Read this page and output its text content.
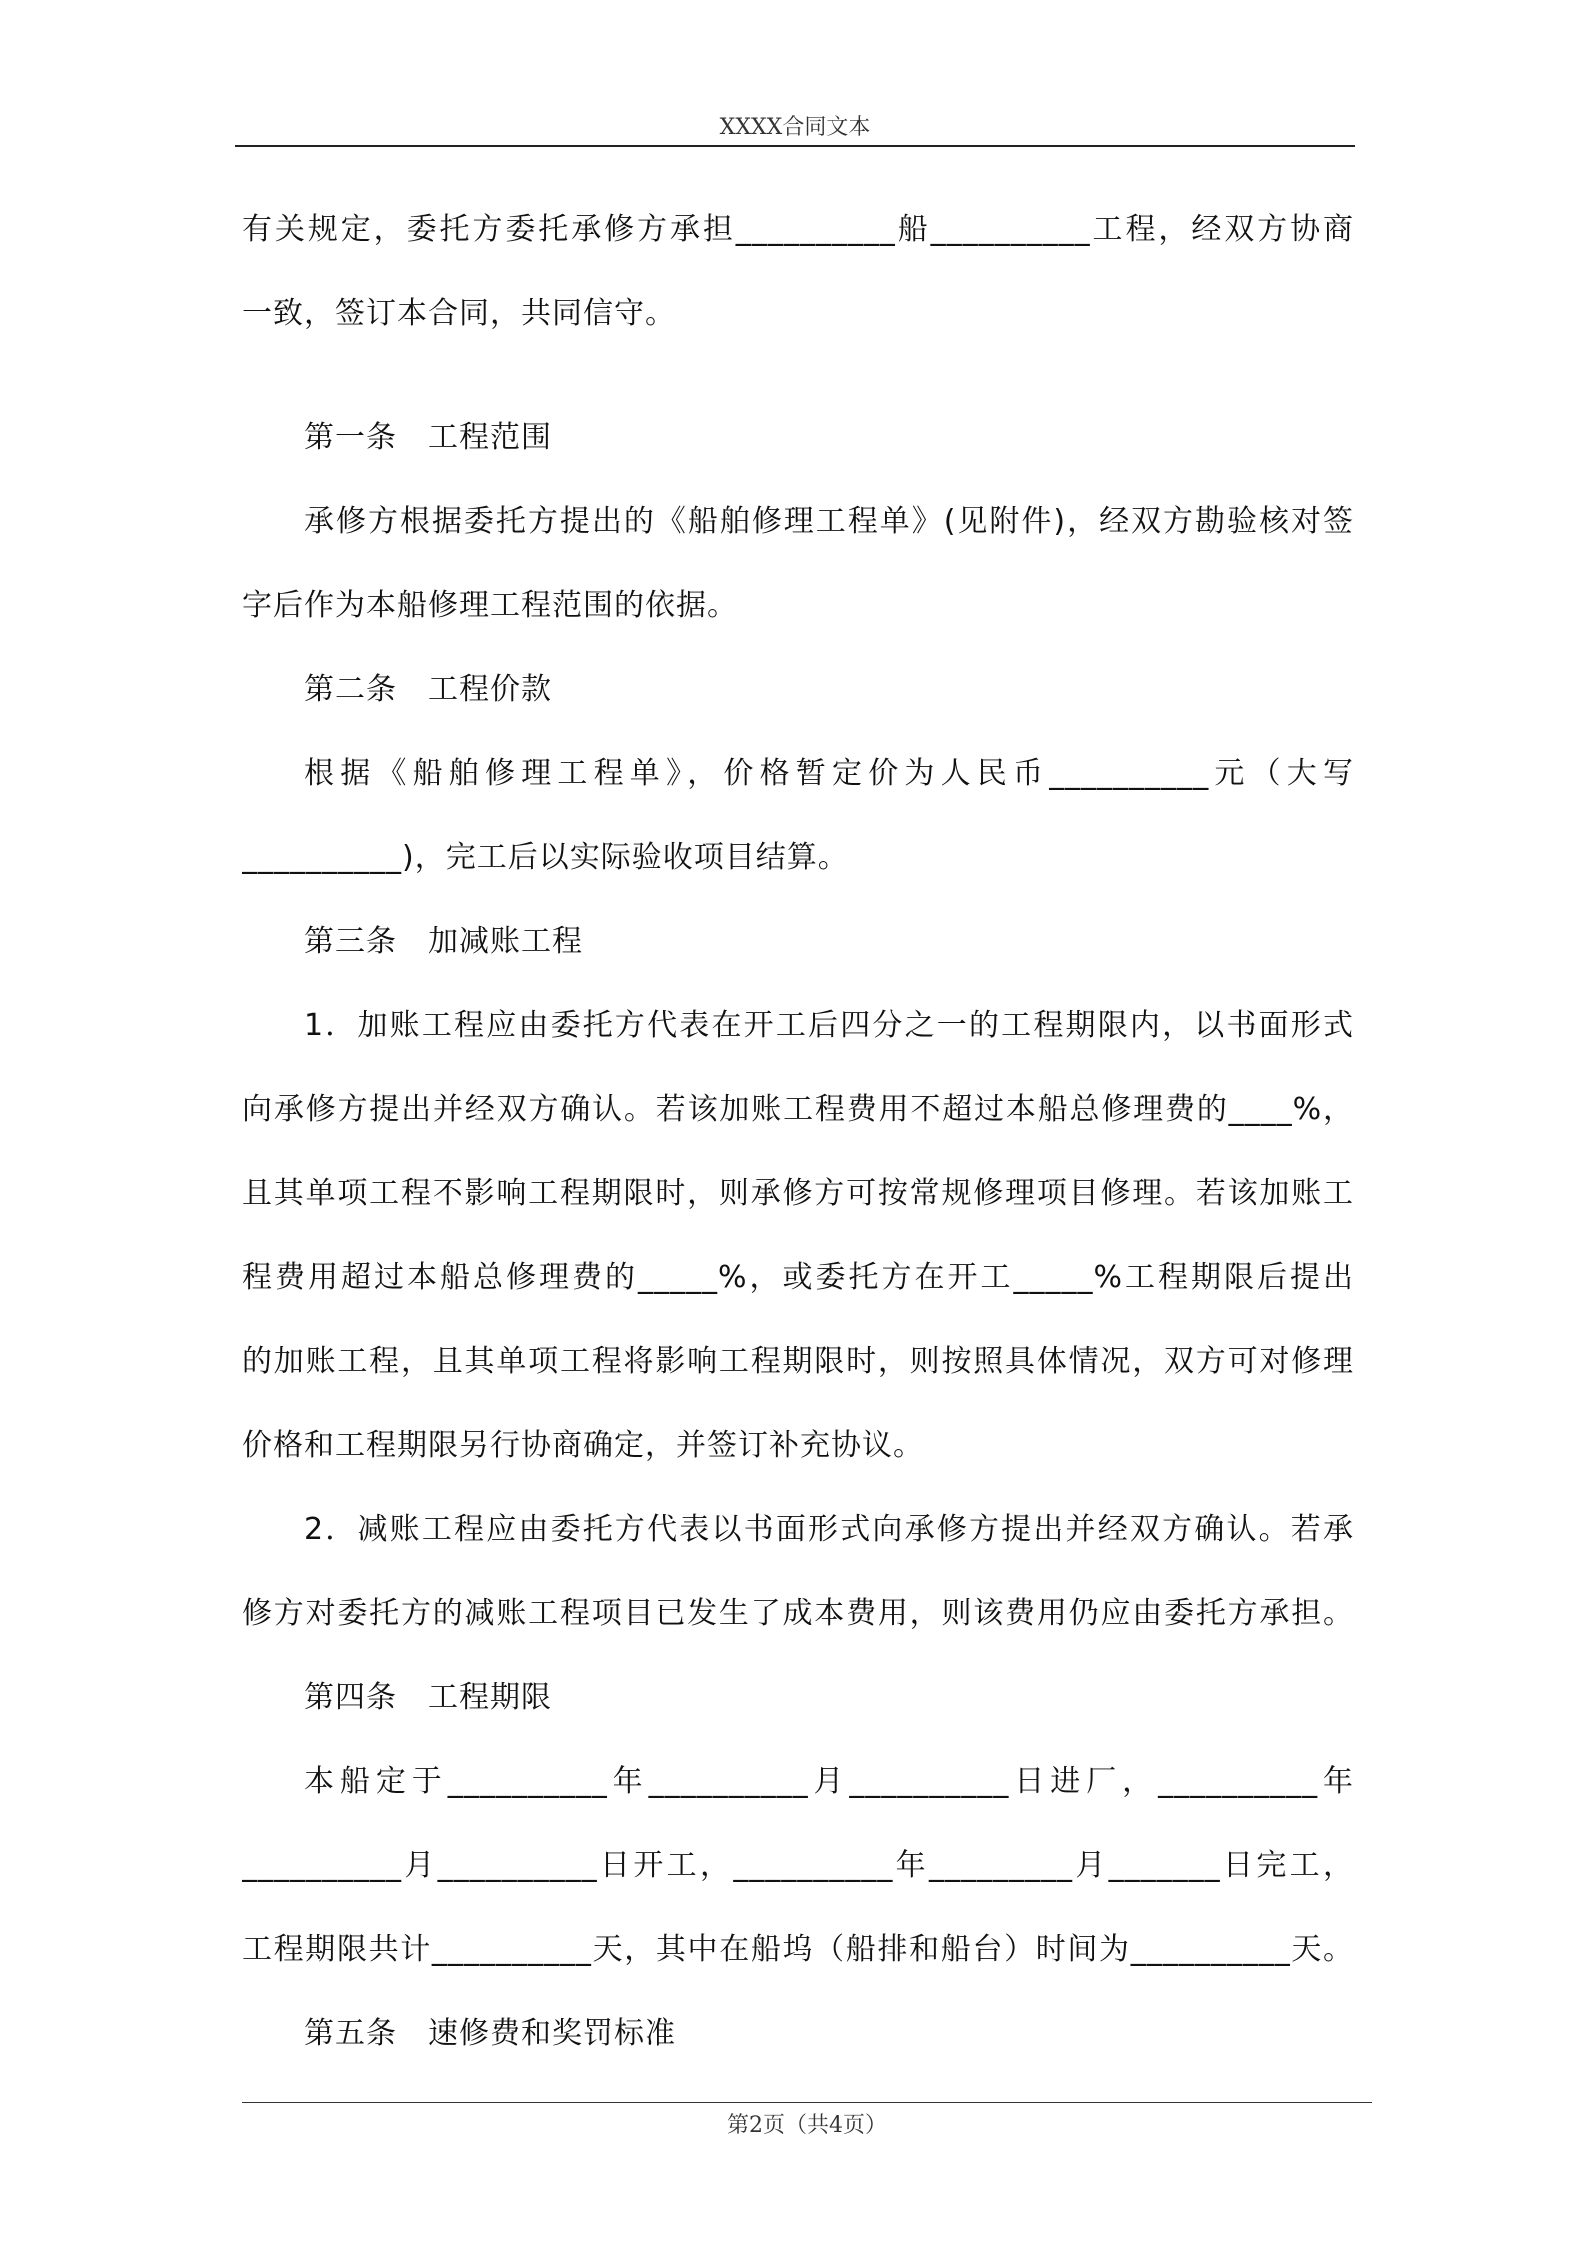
XXXX合同文本
有关规定，委托方委托承修方承担__________船__________工程，经双方协商
一致，签订本合同，共同信守。
第一条　工程范围
承修方根据委托方提出的《船舶修理工程单》(见附件)，经双方勘验核对签
字后作为本船修理工程范围的依据。
第二条　工程价款
根据《船舶修理工程单》，价格暂定价为人民币__________元（大写
__________)，完工后以实际验收项目结算。
第三条　加减账工程
1．加账工程应由委托方代表在开工后四分之一的工程期限内，以书面形式
向承修方提出并经双方确认。若该加账工程费用不超过本船总修理费的____%，
且其单项工程不影响工程期限时，则承修方可按常规修理项目修理。若该加账工
程费用超过本船总修理费的_____%，或委托方在开工_____%工程期限后提出
的加账工程，且其单项工程将影响工程期限时，则按照具体情况，双方可对修理
价格和工程期限另行协商确定，并签订补充协议。
2．减账工程应由委托方代表以书面形式向承修方提出并经双方确认。若承
修方对委托方的减账工程项目已发生了成本费用，则该费用仍应由委托方承担。
第四条　工程期限
本船定于__________年__________月__________日进厂，__________年
__________月__________日开工，__________年_________月_______日完工，
工程期限共计__________天，其中在船坞（船排和船台）时间为__________天。
第五条　速修费和奖罚标准
第2页（共4页）
